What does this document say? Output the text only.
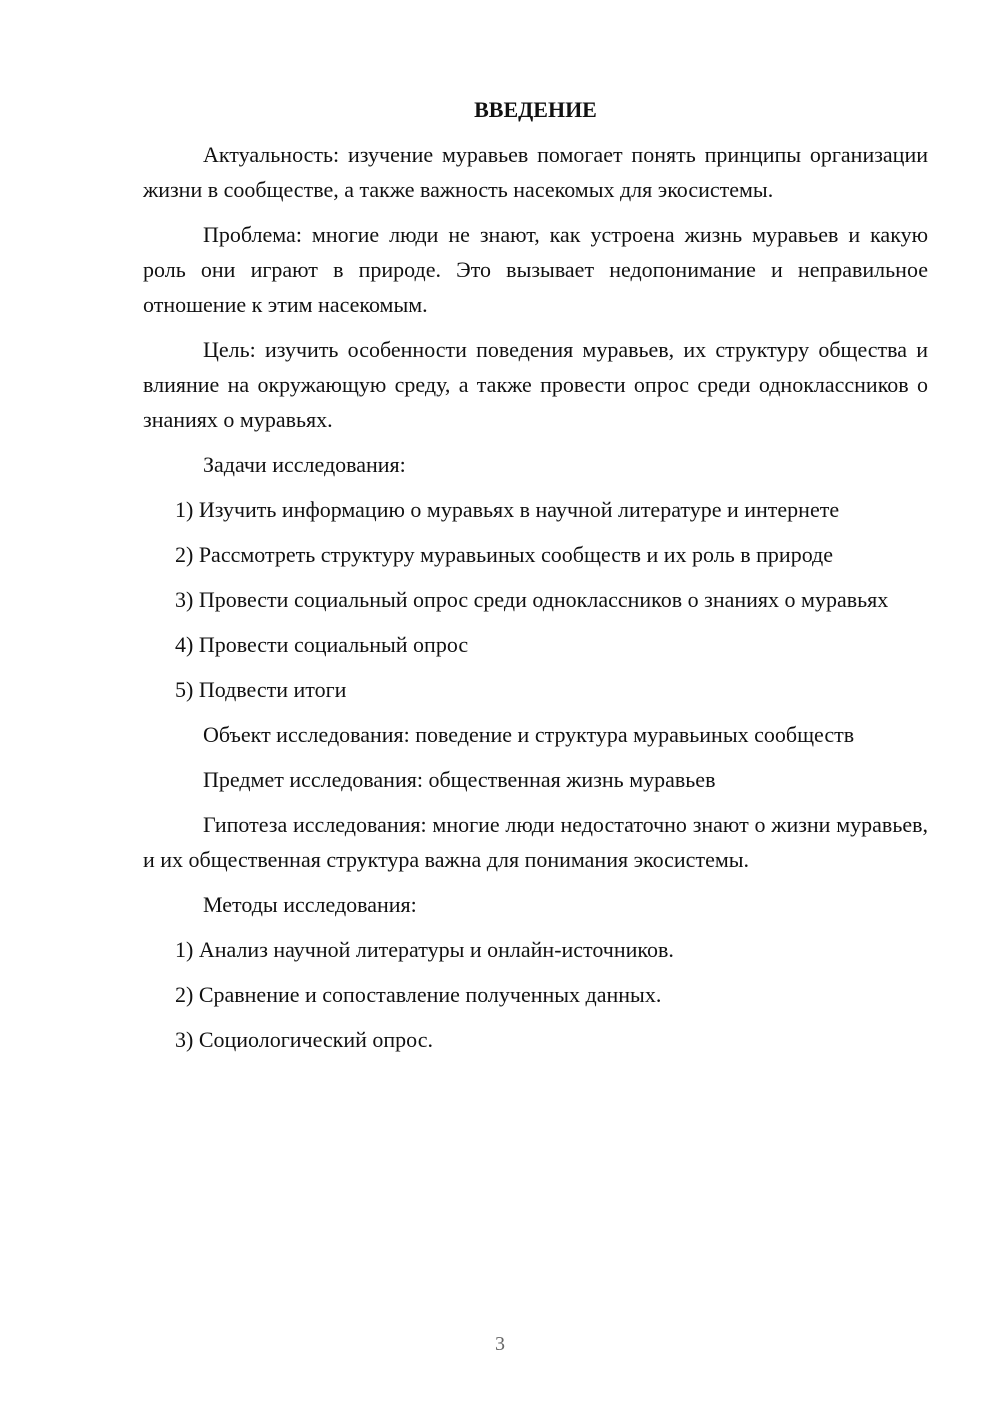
ВВЕДЕНИЕ

Актуальность: изучение муравьев помогает понять принципы организации жизни в сообществе, а также важность насекомых для экосистемы.

Проблема: многие люди не знают, как устроена жизнь муравьев и какую роль они играют в природе. Это вызывает недопонимание и неправильное отношение к этим насекомым.

Цель: изучить особенности поведения муравьев, их структуру общества и влияние на окружающую среду, а также провести опрос среди одноклассников о знаниях о муравьях.

Задачи исследования:

1) Изучить информацию о муравьях в научной литературе и интернете

2) Рассмотреть структуру муравьиных сообществ и их роль в природе

3) Провести социальный опрос среди одноклассников о знаниях о муравьях

4) Провести социальный опрос

5) Подвести итоги

Объект исследования: поведение и структура муравьиных сообществ

Предмет исследования: общественная жизнь муравьев

Гипотеза исследования: многие люди недостаточно знают о жизни муравьев, и их общественная структура важна для понимания экосистемы.

Методы исследования:

1) Анализ научной литературы и онлайн-источников.

2) Сравнение и сопоставление полученных данных.

3) Социологический опрос.

3
